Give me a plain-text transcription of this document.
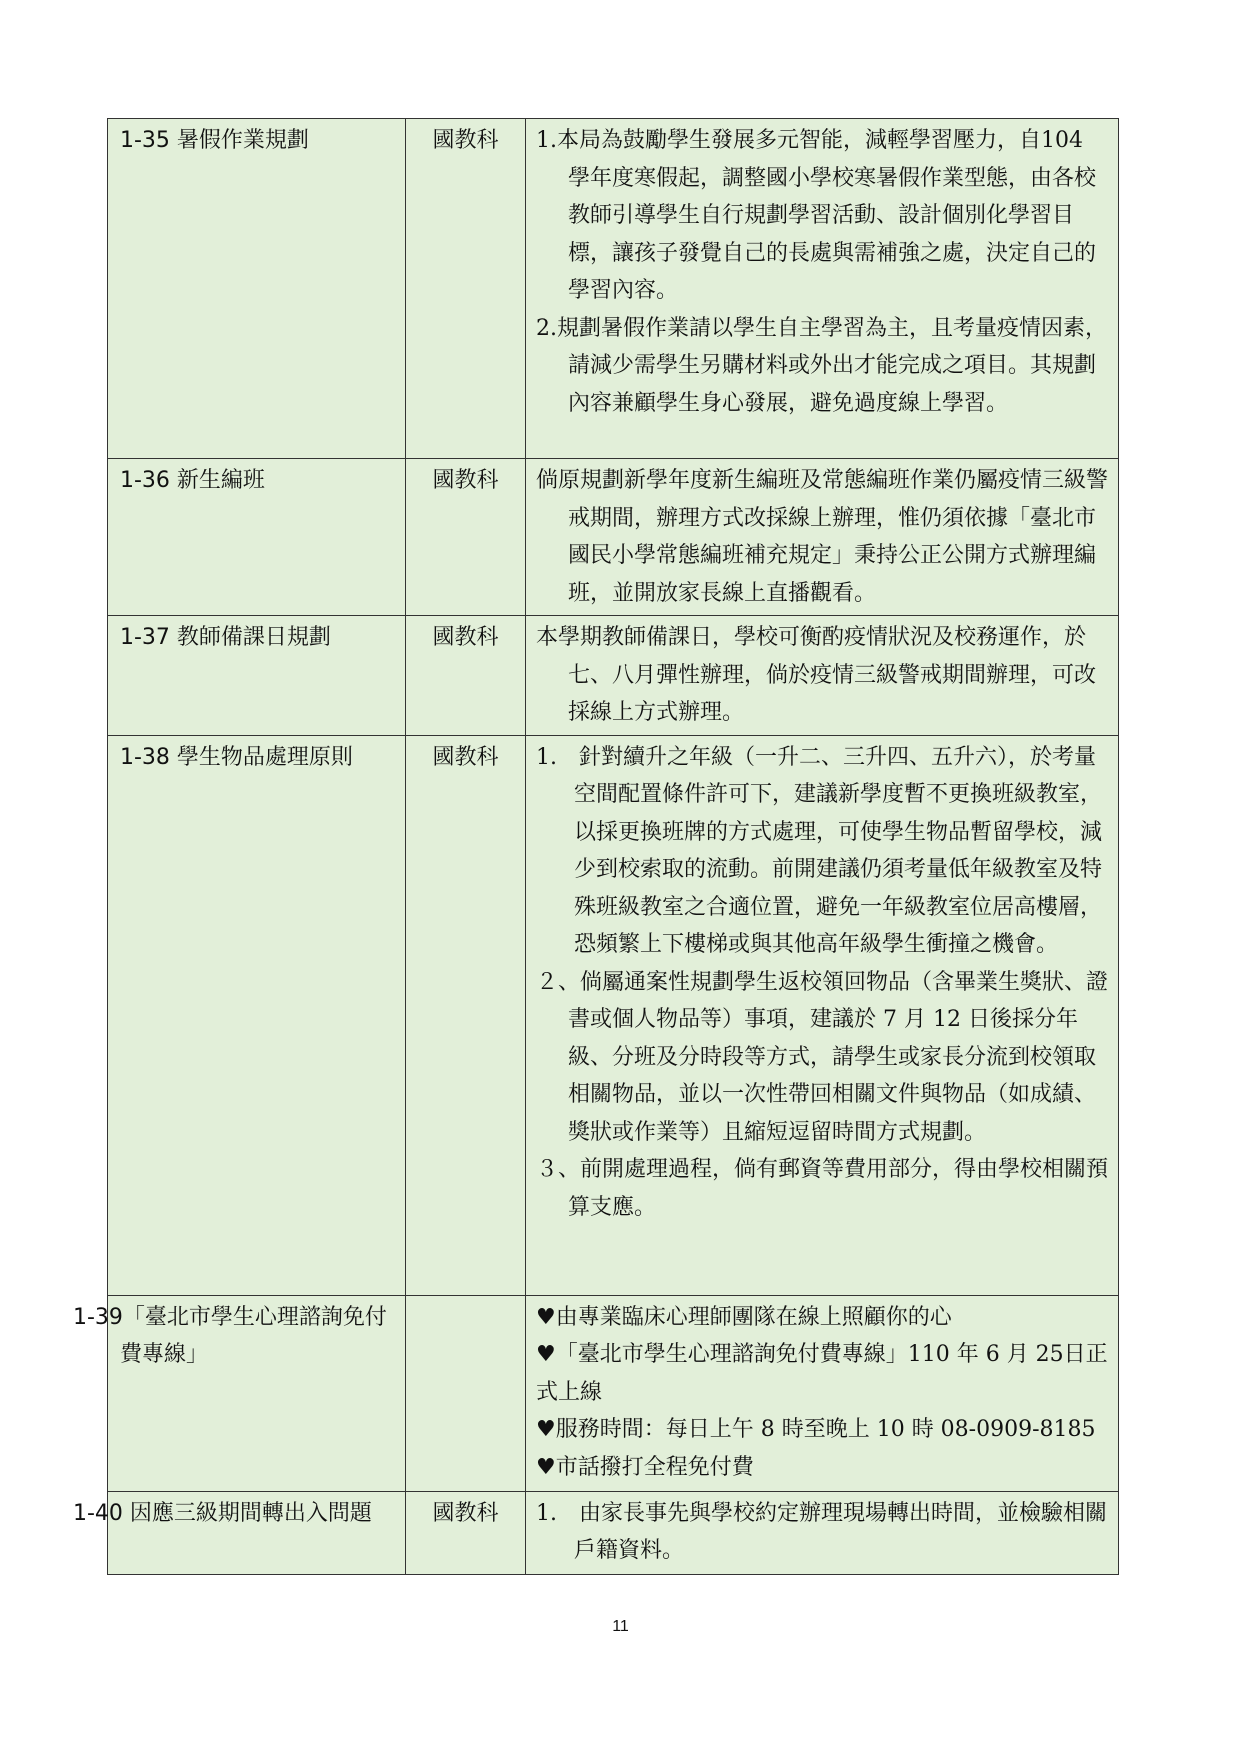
1-35 暑假作業規劃	國教科	1.本局為鼓勵學生發展多元智能，減輕學習壓力，自104 學年度寒假起，調整國小學校寒暑假作業型態，由各校教師引導學生自行規劃學習活動、設計個別化學習目標，讓孩子發覺自己的長處與需補強之處，決定自己的學習內容。
2.規劃暑假作業請以學生自主學習為主，且考量疫情因素，請減少需學生另購材料或外出才能完成之項目。其規劃內容兼顧學生身心發展，避免過度線上學習。

1-36 新生編班	國教科	倘原規劃新學年度新生編班及常態編班作業仍屬疫情三級警戒期間，辦理方式改採線上辦理，惟仍須依據「臺北市國民小學常態編班補充規定」秉持公正公開方式辦理編班，並開放家長線上直播觀看。

1-37 教師備課日規劃	國教科	本學期教師備課日，學校可衡酌疫情狀況及校務運作，於七、八月彈性辦理，倘於疫情三級警戒期間辦理，可改採線上方式辦理。

1-38 學生物品處理原則	國教科	1.　針對續升之年級（一升二、三升四、五升六），於考量空間配置條件許可下，建議新學度暫不更換班級教室，以採更換班牌的方式處理，可使學生物品暫留學校，減少到校索取的流動。前開建議仍須考量低年級教室及特殊班級教室之合適位置，避免一年級教室位居高樓層，恐頻繁上下樓梯或與其他高年級學生衝撞之機會。
２、倘屬通案性規劃學生返校領回物品（含畢業生獎狀、證書或個人物品等）事項，建議於 7 月 12 日後採分年級、分班及分時段等方式，請學生或家長分流到校領取相關物品，並以一次性帶回相關文件與物品（如成績、獎狀或作業等）且縮短逗留時間方式規劃。
３、前開處理過程，倘有郵資等費用部分，得由學校相關預算支應。

1-39「臺北市學生心理諮詢免付費專線」		♥由專業臨床心理師團隊在線上照顧你的心
♥「臺北市學生心理諮詢免付費專線」110 年 6 月 25日正式上線
♥服務時間：每日上午 8 時至晚上 10 時 08-0909-8185
♥市話撥打全程免付費

1-40 因應三級期間轉出入問題	國教科	1.　由家長事先與學校約定辦理現場轉出時間，並檢驗相關戶籍資料。
11
